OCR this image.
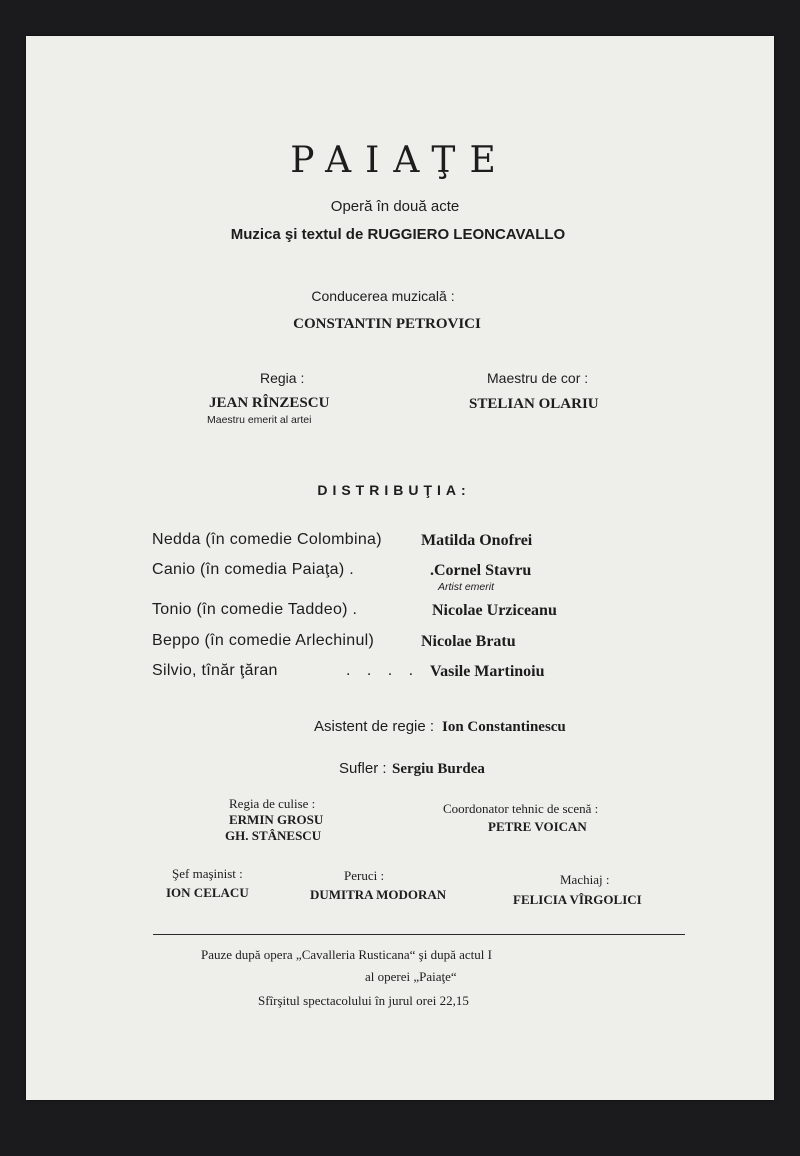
PAIAŢE
Operă în două acte
Muzica şi textul de RUGGIERO LEONCAVALLO
Conducerea muzicală :
CONSTANTIN PETROVICI
Regia :
JEAN RÎNZESCU
Maestru emerit al artei
Maestru de cor :
STELIAN OLARIU
DISTRIBUŢIA:
Nedda (în comedie Colombina) Matilda Onofrei
Canio (în comedia Paiaţa) .	.Cornel Stavru
Artist emerit
Tonio (în comedie Taddeo) .	Nicolae Urziceanu
Beppo (în comedie Arlechinul)	Nicolae Bratu
Silvio, tînăr ţăran	. . . . Vasile Martinoiu
Asistent de regie : Ion Constantinescu
Sufler : Sergiu Burdea
Regia de culise :
ERMIN GROSU
GH. STÂNESCU
Coordonator tehnic de scenă :
PETRE VOICAN
Şef maşinist :
ION CELACU
Peruci :
DUMITRA MODORAN
Machiaj :
FELICIA VÎRGOLICI
Pauze după opera „Cavalleria Rusticana“ şi după actul I
al operei „Paiaţe“
Sfîrşitul spectacolului în jurul orei 22,15
